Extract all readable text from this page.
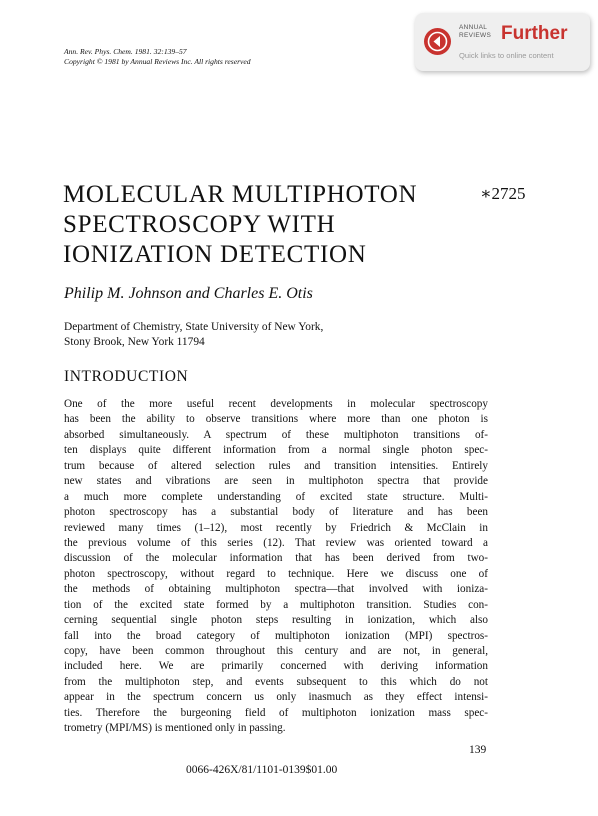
Ann. Rev. Phys. Chem. 1981. 32:139–57
Copyright © 1981 by Annual Reviews Inc. All rights reserved
ANNUAL
REVIEWS Further
Quick links to online content
MOLECULAR MULTIPHOTON
SPECTROSCOPY WITH
IONIZATION DETECTION
∗2725
Philip M. Johnson and Charles E. Otis
Department of Chemistry, State University of New York,
Stony Brook, New York 11794
INTRODUCTION
One of the more useful recent developments in molecular spectroscopy
has been the ability to observe transitions where more than one photon is
absorbed simultaneously. A spectrum of these multiphoton transitions of-
ten displays quite different information from a normal single photon spec-
trum because of altered selection rules and transition intensities. Entirely
new states and vibrations are seen in multiphoton spectra that provide
a much more complete understanding of excited state structure. Multi-
photon spectroscopy has a substantial body of literature and has been
reviewed many times (1–12), most recently by Friedrich & McClain in
the previous volume of this series (12). That review was oriented toward a
discussion of the molecular information that has been derived from two-
photon spectroscopy, without regard to technique. Here we discuss one of
the methods of obtaining multiphoton spectra—that involved with ioniza-
tion of the excited state formed by a multiphoton transition. Studies con-
cerning sequential single photon steps resulting in ionization, which also
fall into the broad category of multiphoton ionization (MPI) spectros-
copy, have been common throughout this century and are not, in general,
included here. We are primarily concerned with deriving information
from the multiphoton step, and events subsequent to this which do not
appear in the spectrum concern us only inasmuch as they effect intensi-
ties. Therefore the burgeoning field of multiphoton ionization mass spec-
trometry (MPI/MS) is mentioned only in passing.
139
0066-426X/81/1101-0139$01.00
